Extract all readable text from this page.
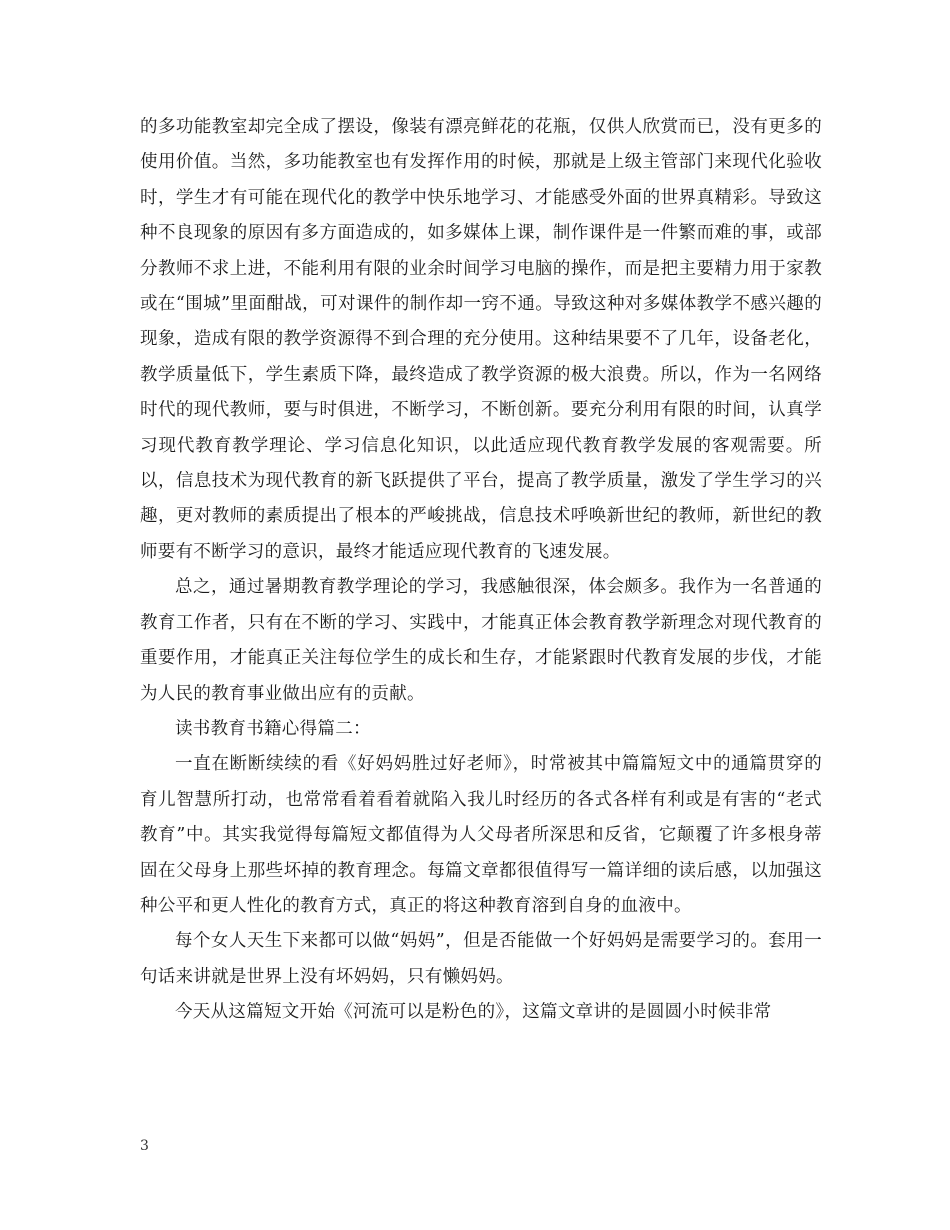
的多功能教室却完全成了摆设，像装有漂亮鲜花的花瓶，仅供人欣赏而已，没有更多的使用价值。当然，多功能教室也有发挥作用的时候，那就是上级主管部门来现代化验收时，学生才有可能在现代化的教学中快乐地学习、才能感受外面的世界真精彩。导致这种不良现象的原因有多方面造成的，如多媒体上课，制作课件是一件繁而难的事，或部分教师不求上进，不能利用有限的业余时间学习电脑的操作，而是把主要精力用于家教或在“围城”里面酣战，可对课件的制作却一窍不通。导致这种对多媒体教学不感兴趣的现象，造成有限的教学资源得不到合理的充分使用。这种结果要不了几年，设备老化，教学质量低下，学生素质下降，最终造成了教学资源的极大浪费。所以，作为一名网络时代的现代教师，要与时俱进，不断学习，不断创新。要充分利用有限的时间，认真学习现代教育教学理论、学习信息化知识，以此适应现代教育教学发展的客观需要。所以，信息技术为现代教育的新飞跃提供了平台，提高了教学质量，激发了学生学习的兴趣，更对教师的素质提出了根本的严峻挑战，信息技术呼唤新世纪的教师，新世纪的教师要有不断学习的意识，最终才能适应现代教育的飞速发展。

总之，通过暑期教育教学理论的学习，我感触很深，体会颇多。我作为一名普通的教育工作者，只有在不断的学习、实践中，才能真正体会教育教学新理念对现代教育的重要作用，才能真正关注每位学生的成长和生存，才能紧跟时代教育发展的步伐，才能为人民的教育事业做出应有的贡献。

读书教育书籍心得篇二：

一直在断断续续的看《好妈妈胜过好老师》，时常被其中篇篇短文中的通篇贯穿的育儿智慧所打动，也常常看着看着就陷入我儿时经历的各式各样有利或是有害的“老式教育”中。其实我觉得每篇短文都值得为人父母者所深思和反省，它颠覆了许多根身蒂固在父母身上那些坏掉的教育理念。每篇文章都很值得写一篇详细的读后感，以加强这种公平和更人性化的教育方式，真正的将这种教育溶到自身的血液中。

每个女人天生下来都可以做“妈妈”，但是否能做一个好妈妈是需要学习的。套用一句话来讲就是世界上没有坏妈妈，只有懒妈妈。

今天从这篇短文开始《河流可以是粉色的》，这篇文章讲的是圆圆小时候非常

3
